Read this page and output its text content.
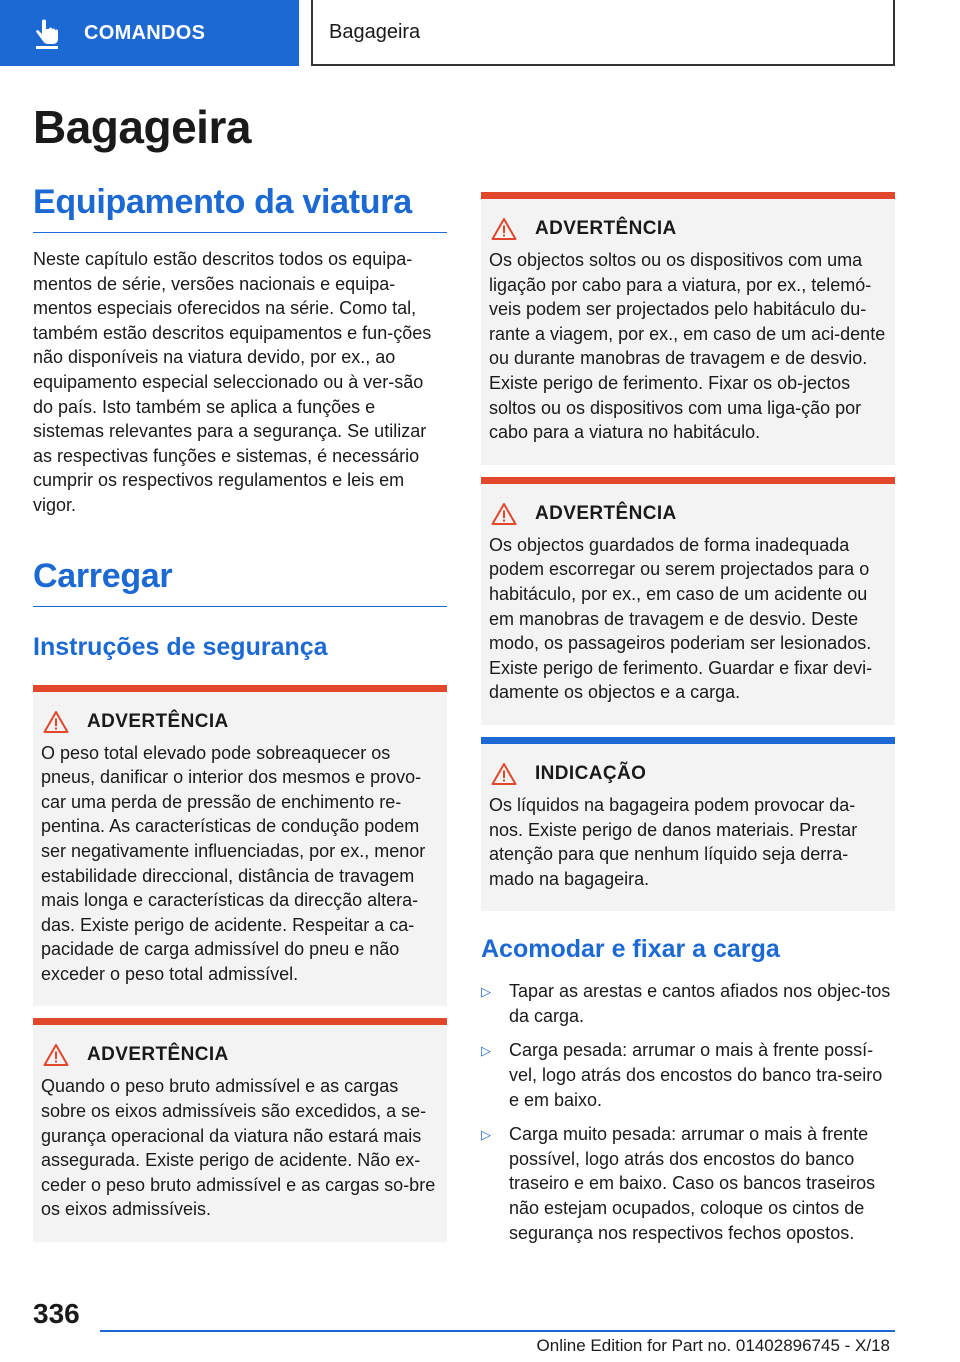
COMANDOS	Bagageira
Bagageira
Equipamento da viatura

Neste capítulo estão descritos todos os equipa-mentos de série, versões nacionais e equipa-mentos especiais oferecidos na série. Como tal, também estão descritos equipamentos e fun-ções não disponíveis na viatura devido, por ex., ao equipamento especial seleccionado ou à ver-são do país. Isto também se aplica a funções e sistemas relevantes para a segurança. Se utilizar as respectivas funções e sistemas, é necessário cumprir os respectivos regulamentos e leis em vigor.

Carregar
Instruções de segurança
ADVERTÊNCIA

O peso total elevado pode sobreaquecer os pneus, danificar o interior dos mesmos e provo-car uma perda de pressão de enchimento re-pentina. As características de condução podem ser negativamente influenciadas, por ex., menor estabilidade direccional, distância de travagem mais longa e características da direcção altera-das. Existe perigo de acidente. Respeitar a ca-pacidade de carga admissível do pneu e não exceder o peso total admissível.

ADVERTÊNCIA

Quando o peso bruto admissível e as cargas sobre os eixos admissíveis são excedidos, a se-gurança operacional da viatura não estará mais assegurada. Existe perigo de acidente. Não ex-ceder o peso bruto admissível e as cargas so-bre os eixos admissíveis.

ADVERTÊNCIA

Os objectos soltos ou os dispositivos com uma ligação por cabo para a viatura, por ex., telemó-veis podem ser projectados pelo habitáculo du-rante a viagem, por ex., em caso de um aci-dente ou durante manobras de travagem e de desvio. Existe perigo de ferimento. Fixar os ob-jectos soltos ou os dispositivos com uma liga-ção por cabo para a viatura no habitáculo.

ADVERTÊNCIA

Os objectos guardados de forma inadequada podem escorregar ou serem projectados para o habitáculo, por ex., em caso de um acidente ou em manobras de travagem e de desvio. Deste modo, os passageiros poderiam ser lesionados. Existe perigo de ferimento. Guardar e fixar devi-damente os objectos e a carga.

INDICAÇÃO

Os líquidos na bagageira podem provocar da-nos. Existe perigo de danos materiais. Prestar atenção para que nenhum líquido seja derra-mado na bagageira.

Acomodar e fixar a carga
▷	Tapar as arestas e cantos afiados nos objec-tos da carga.
▷	Carga pesada: arrumar o mais à frente possí-vel, logo atrás dos encostos do banco tra-seiro e em baixo.
▷	Carga muito pesada: arrumar o mais à frente possível, logo atrás dos encostos do banco traseiro e em baixo. Caso os bancos traseiros não estejam ocupados, coloque os cintos de segurança nos respectivos fechos opostos.
336
Online Edition for Part no. 01402896745 - X/18
